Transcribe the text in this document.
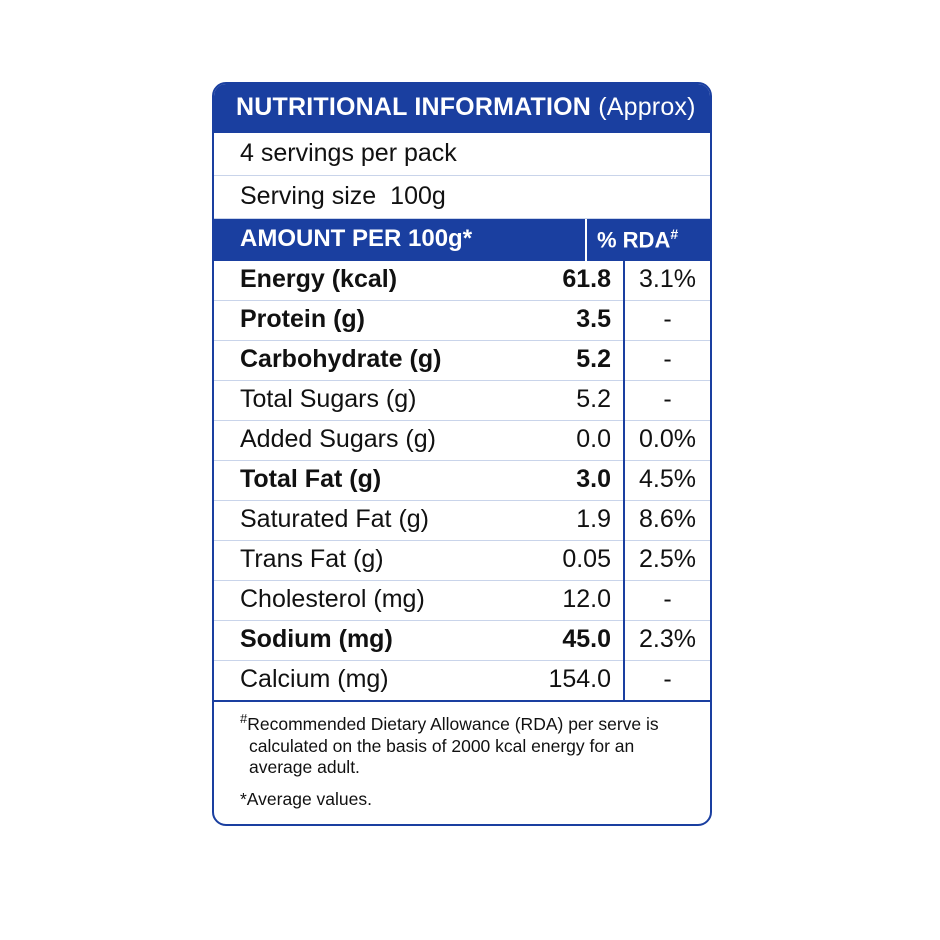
NUTRITIONAL INFORMATION (Approx)
4 servings per pack
Serving size 100g
AMOUNT PER 100g*	% RDA#
Energy (kcal)	61.8	3.1%
Protein (g)	3.5	-
Carbohydrate (g)	5.2	-
Total Sugars (g)	5.2	-
Added Sugars (g)	0.0	0.0%
Total Fat (g)	3.0	4.5%
Saturated Fat (g)	1.9	8.6%
Trans Fat (g)	0.05	2.5%
Cholesterol (mg)	12.0	-
Sodium (mg)	45.0	2.3%
Calcium (mg)	154.0	-
#Recommended Dietary Allowance (RDA) per serve is calculated on the basis of 2000 kcal energy for an average adult.
*Average values.
